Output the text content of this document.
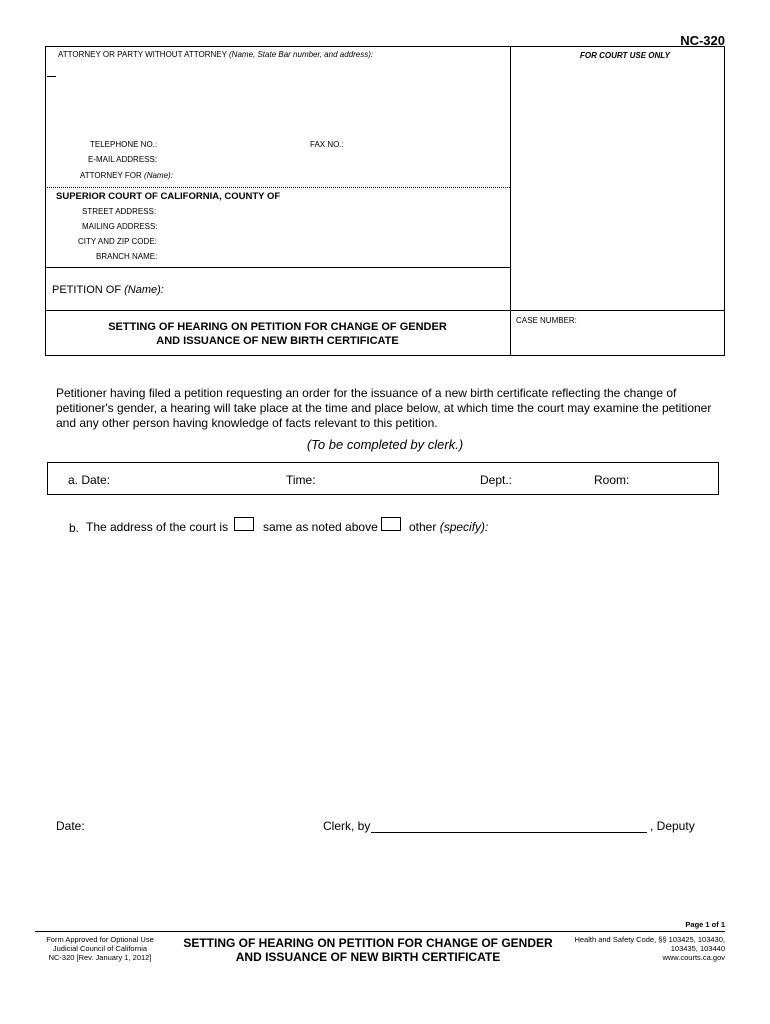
NC-320
ATTORNEY OR PARTY WITHOUT ATTORNEY (Name, State Bar number, and address):	FOR COURT USE ONLY
TELEPHONE NO.:	FAX NO.:
E-MAIL ADDRESS:
ATTORNEY FOR (Name):
SUPERIOR COURT OF CALIFORNIA, COUNTY OF
STREET ADDRESS:
MAILING ADDRESS:
CITY AND ZIP CODE:
BRANCH NAME:
PETITION OF (Name):
SETTING OF HEARING ON PETITION FOR CHANGE OF GENDER
AND ISSUANCE OF NEW BIRTH CERTIFICATE
CASE NUMBER:
Petitioner having filed a petition requesting an order for the issuance of a new birth certificate reflecting the change of petitioner's gender, a hearing will take place at the time and place below, at which time the court may examine the petitioner and any other person having knowledge of facts relevant to this petition.
(To be completed by clerk.)
a. Date:	Time:	Dept.:	Room:
b. The address of the court is	same as noted above	other (specify):
Date:	Clerk, by	, Deputy
Page 1 of 1
Form Approved for Optional Use
Judicial Council of California
NC-320 [Rev. January 1, 2012]
SETTING OF HEARING ON PETITION FOR CHANGE OF GENDER
AND ISSUANCE OF NEW BIRTH CERTIFICATE
Health and Safety Code, §§ 103425, 103430,
103435, 103440
www.courts.ca.gov
